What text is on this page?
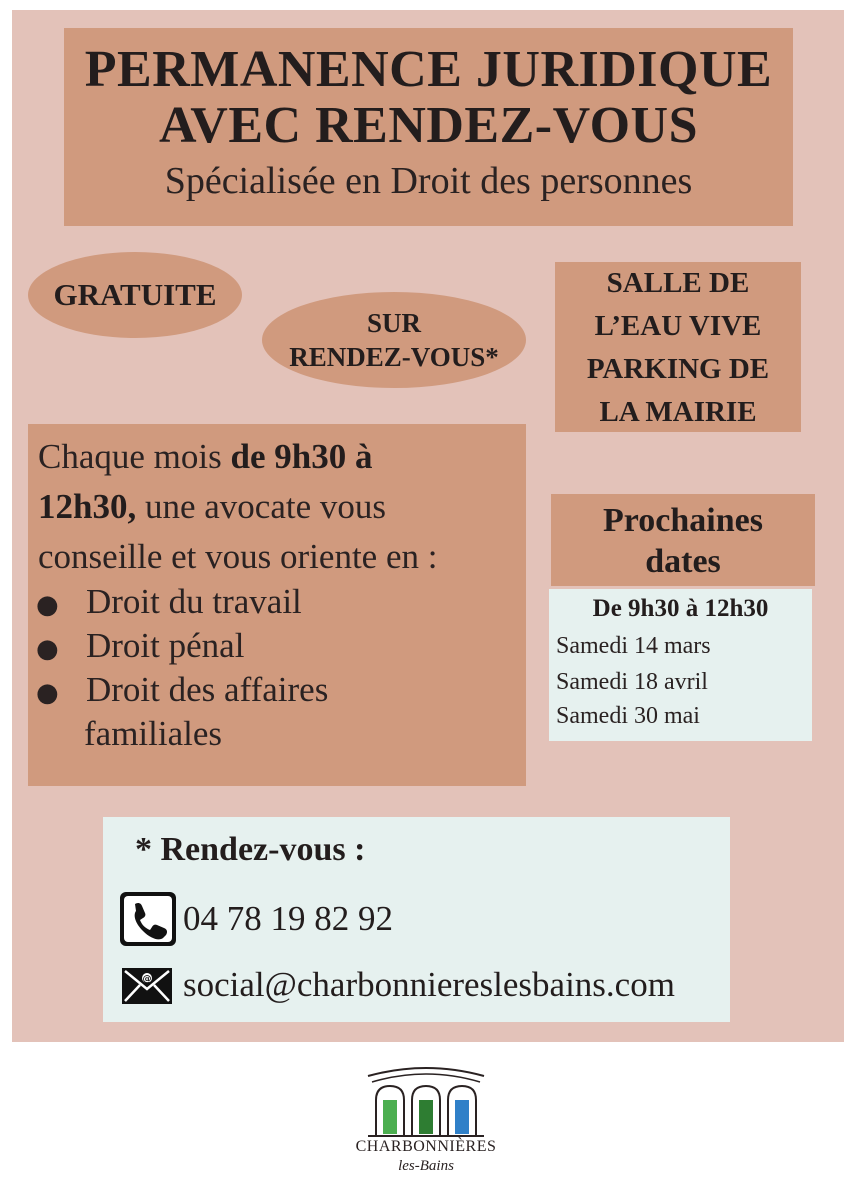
PERMANENCE JURIDIQUE
AVEC RENDEZ-VOUS
Spécialisée en Droit des personnes
GRATUITE
SUR
RENDEZ-VOUS*
SALLE DE
L’EAU VIVE
PARKING DE
LA MAIRIE
Chaque mois de 9h30 à
12h30, une avocate vous
conseille et vous oriente en :
● Droit du travail
● Droit pénal
● Droit des affaires
familiales
Prochaines
dates
De 9h30 à 12h30
Samedi 14 mars
Samedi 18 avril
Samedi 30 mai
* Rendez-vous :
04 78 19 82 92
@ social@charbonniereslesbains.com
CHARBONNIÈRES
les-Bains
